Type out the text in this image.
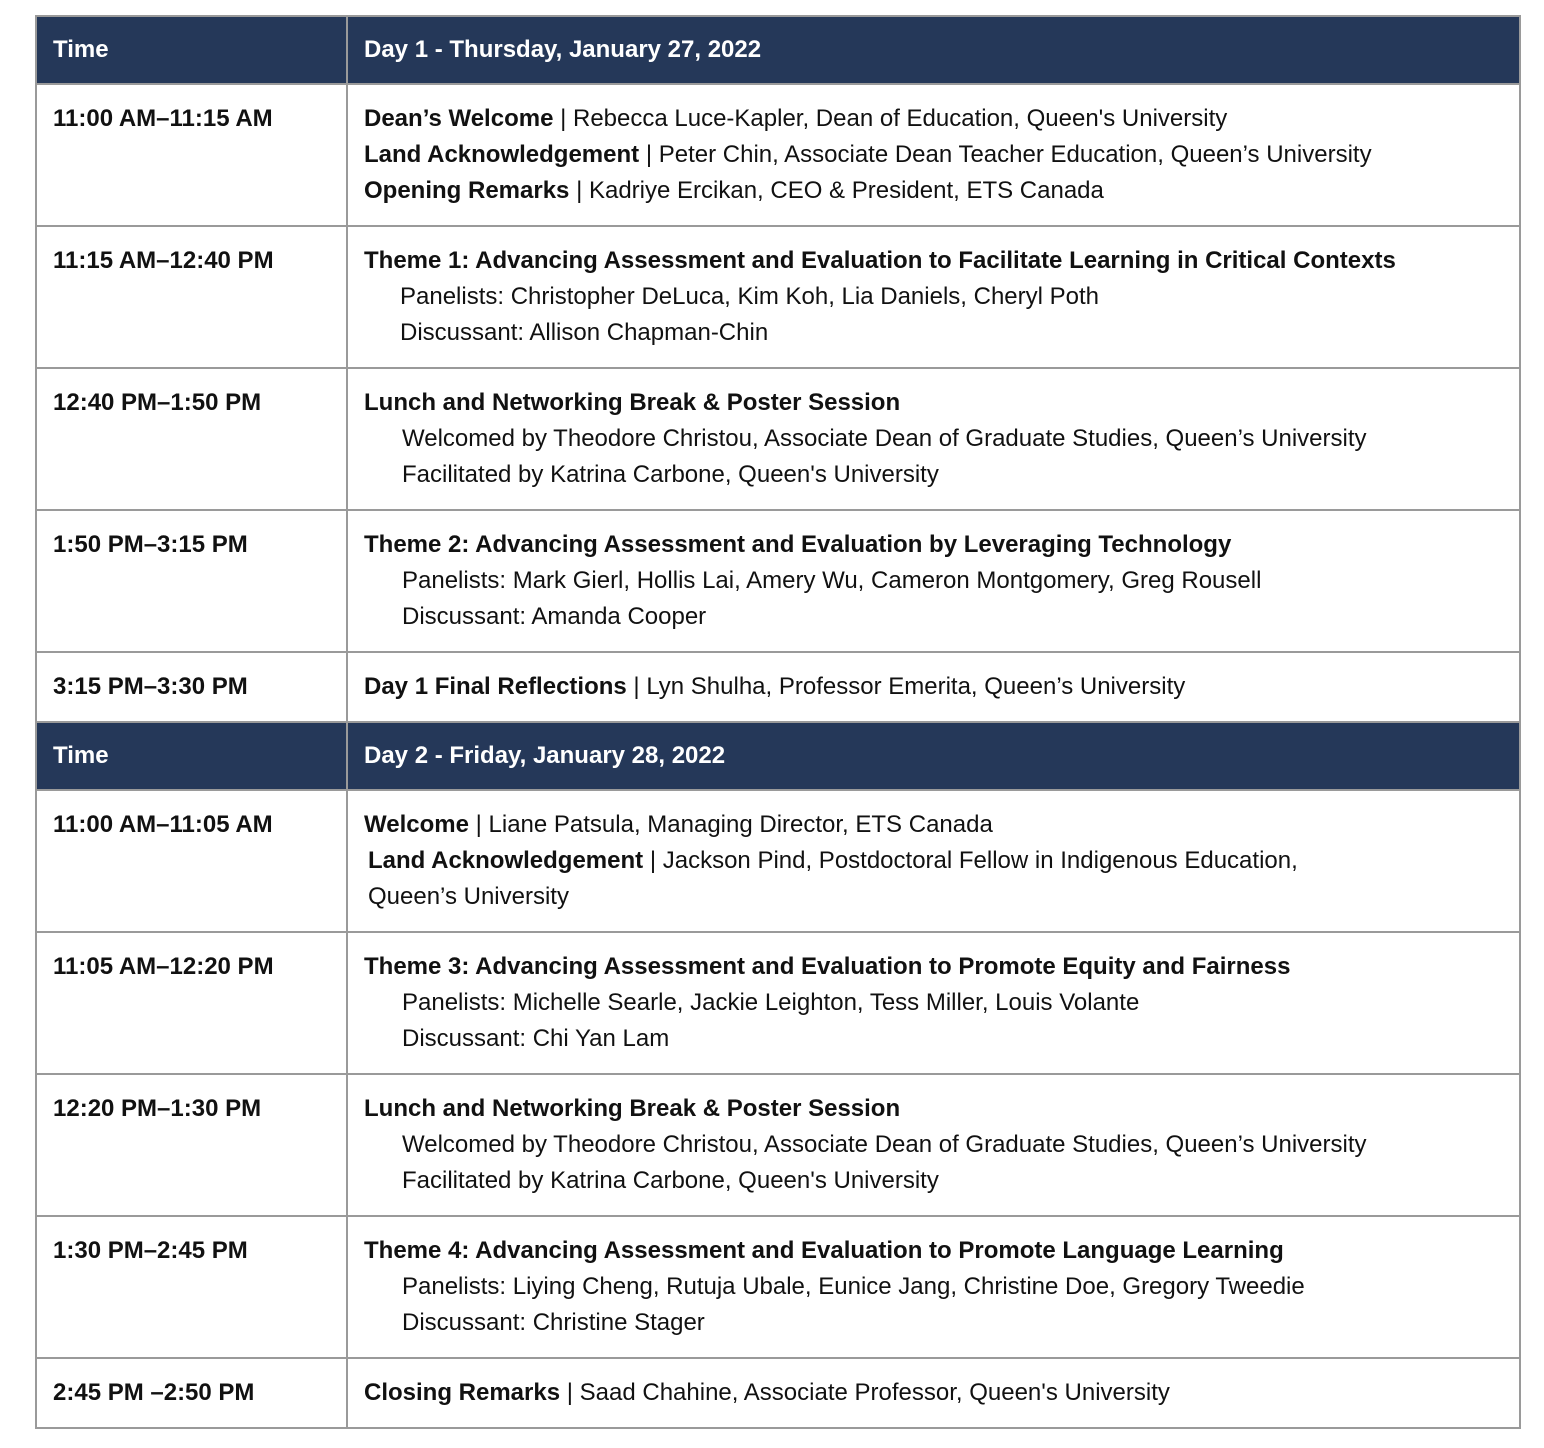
Time	Day 1 - Thursday, January 27, 2022
11:00 AM–11:15 AM	Dean’s Welcome | Rebecca Luce-Kapler, Dean of Education, Queen's University
Land Acknowledgement | Peter Chin, Associate Dean Teacher Education, Queen’s University
Opening Remarks | Kadriye Ercikan, CEO & President, ETS Canada

11:15 AM–12:40 PM	Theme 1: Advancing Assessment and Evaluation to Facilitate Learning in Critical Contexts
Panelists: Christopher DeLuca, Kim Koh, Lia Daniels, Cheryl Poth
Discussant: Allison Chapman-Chin

12:40 PM–1:50 PM	Lunch and Networking Break & Poster Session
Welcomed by Theodore Christou, Associate Dean of Graduate Studies, Queen’s University
Facilitated by Katrina Carbone, Queen's University

1:50 PM–3:15 PM	Theme 2: Advancing Assessment and Evaluation by Leveraging Technology
Panelists: Mark Gierl, Hollis Lai, Amery Wu, Cameron Montgomery, Greg Rousell
Discussant: Amanda Cooper

3:15 PM–3:30 PM	Day 1 Final Reflections | Lyn Shulha, Professor Emerita, Queen’s University

Time	Day 2 - Friday, January 28, 2022
11:00 AM–11:05 AM	Welcome | Liane Patsula, Managing Director, ETS Canada
Land Acknowledgement | Jackson Pind, Postdoctoral Fellow in Indigenous Education,
Queen’s University

11:05 AM–12:20 PM	Theme 3: Advancing Assessment and Evaluation to Promote Equity and Fairness
Panelists: Michelle Searle, Jackie Leighton, Tess Miller, Louis Volante
Discussant: Chi Yan Lam

12:20 PM–1:30 PM	Lunch and Networking Break & Poster Session
Welcomed by Theodore Christou, Associate Dean of Graduate Studies, Queen’s University
Facilitated by Katrina Carbone, Queen's University

1:30 PM–2:45 PM	Theme 4: Advancing Assessment and Evaluation to Promote Language Learning
Panelists: Liying Cheng, Rutuja Ubale, Eunice Jang, Christine Doe, Gregory Tweedie
Discussant: Christine Stager

2:45 PM –2:50 PM	Closing Remarks | Saad Chahine, Associate Professor, Queen's University
